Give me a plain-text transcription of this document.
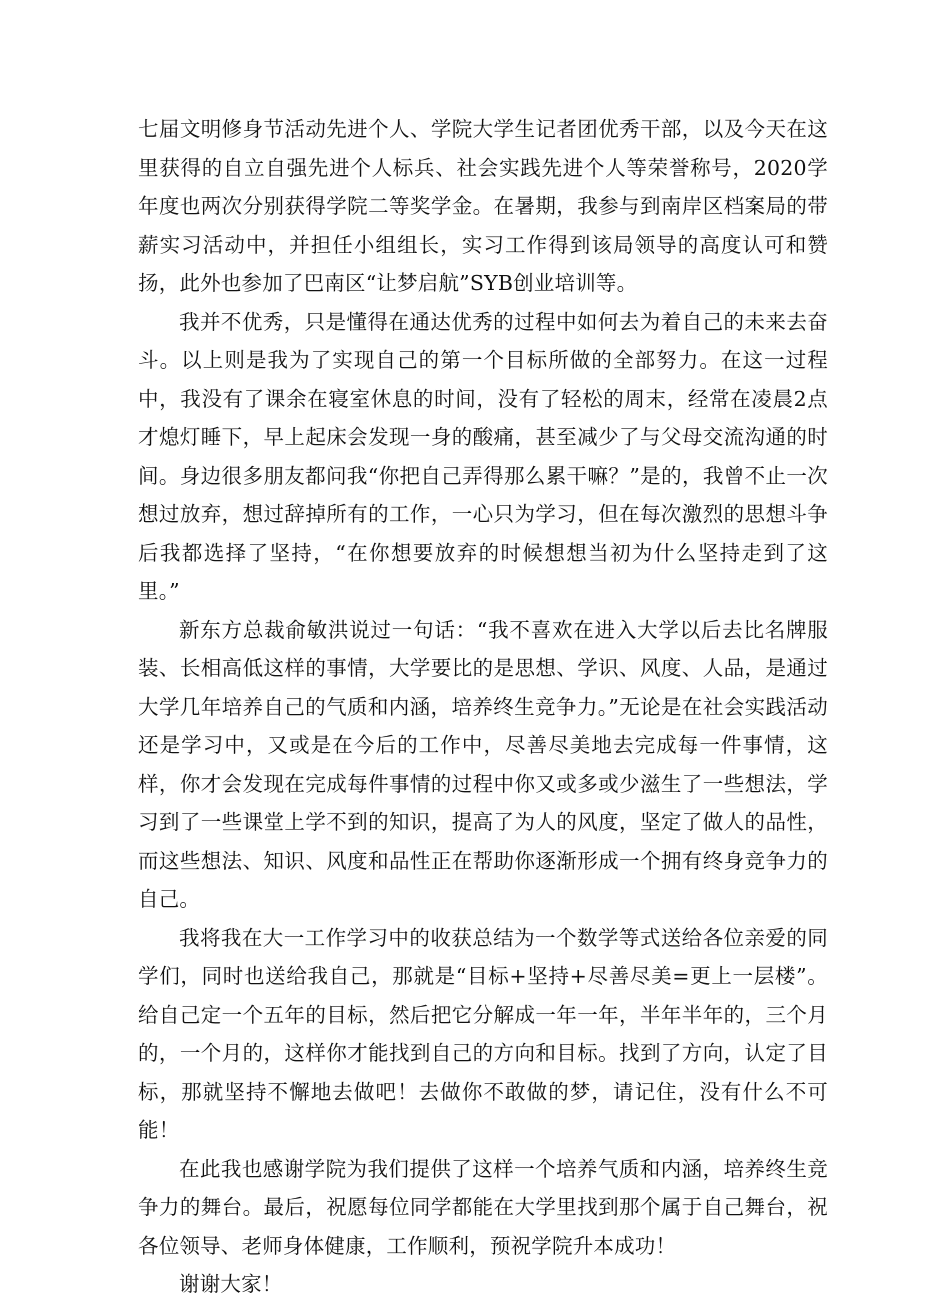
七届文明修身节活动先进个人、学院大学生记者团优秀干部，以及今天在这里获得的自立自强先进个人标兵、社会实践先进个人等荣誉称号，2020学年度也两次分别获得学院二等奖学金。在暑期，我参与到南岸区档案局的带薪实习活动中，并担任小组组长，实习工作得到该局领导的高度认可和赞扬，此外也参加了巴南区“让梦启航”SYB创业培训等。

我并不优秀，只是懂得在通达优秀的过程中如何去为着自己的未来去奋斗。以上则是我为了实现自己的第一个目标所做的全部努力。在这一过程中，我没有了课余在寝室休息的时间，没有了轻松的周末，经常在凌晨2点才熄灯睡下，早上起床会发现一身的酸痛，甚至减少了与父母交流沟通的时间。身边很多朋友都问我“你把自己弄得那么累干嘛？”是的，我曾不止一次想过放弃，想过辞掉所有的工作，一心只为学习，但在每次激烈的思想斗争后我都选择了坚持，“在你想要放弃的时候想想当初为什么坚持走到了这里。”

新东方总裁俞敏洪说过一句话：“我不喜欢在进入大学以后去比名牌服装、长相高低这样的事情，大学要比的是思想、学识、风度、人品，是通过大学几年培养自己的气质和内涵，培养终生竞争力。”无论是在社会实践活动还是学习中，又或是在今后的工作中，尽善尽美地去完成每一件事情，这样，你才会发现在完成每件事情的过程中你又或多或少滋生了一些想法，学习到了一些课堂上学不到的知识，提高了为人的风度，坚定了做人的品性，而这些想法、知识、风度和品性正在帮助你逐渐形成一个拥有终身竞争力的自己。

我将我在大一工作学习中的收获总结为一个数学等式送给各位亲爱的同学们，同时也送给我自己，那就是“目标+坚持+尽善尽美=更上一层楼”。给自己定一个五年的目标，然后把它分解成一年一年，半年半年的，三个月的，一个月的，这样你才能找到自己的方向和目标。找到了方向，认定了目标，那就坚持不懈地去做吧！去做你不敢做的梦，请记住，没有什么不可能！

在此我也感谢学院为我们提供了这样一个培养气质和内涵，培养终生竞争力的舞台。最后，祝愿每位同学都能在大学里找到那个属于自己舞台，祝各位领导、老师身体健康，工作顺利，预祝学院升本成功！

谢谢大家！
